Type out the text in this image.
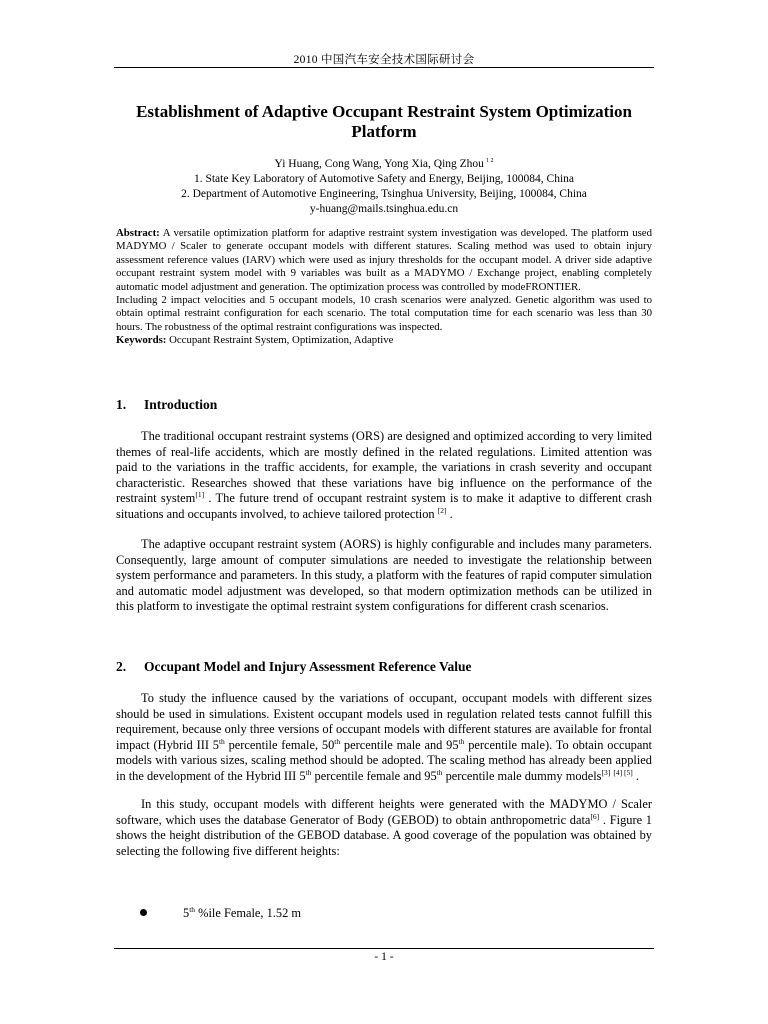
2010 中国汽车安全技术国际研讨会
Establishment of Adaptive Occupant Restraint System Optimization
Platform
Yi Huang, Cong Wang, Yong Xia, Qing Zhou $^{1 2}$
1. State Key Laboratory of Automotive Safety and Energy, Beijing, 100084, China
2. Department of Automotive Engineering, Tsinghua University, Beijing, 100084, China
y-huang@mails.tsinghua.edu.cn

Abstract: A versatile optimization platform for adaptive restraint system investigation was developed. The platform used MADYMO / Scaler to generate occupant models with different statures. Scaling method was used to obtain injury assessment reference values (IARV) which were used as injury thresholds for the occupant model. A driver side adaptive occupant restraint system model with 9 variables was built as a MADYMO / Exchange project, enabling completely automatic model adjustment and generation. The optimization process was controlled by modeFRONTIER.

Including 2 impact velocities and 5 occupant models, 10 crash scenarios were analyzed. Genetic algorithm was used to obtain optimal restraint configuration for each scenario. The total computation time for each scenario was less than 30 hours. The robustness of the optimal restraint configurations was inspected.

Keywords: Occupant Restraint System, Optimization, Adaptive

1. Introduction

The traditional occupant restraint systems (ORS) are designed and optimized according to very limited themes of real-life accidents, which are mostly defined in the related regulations. Limited attention was paid to the variations in the traffic accidents, for example, the variations in crash severity and occupant characteristic. Researches showed that these variations have big influence on the performance of the restraint system[1] . The future trend of occupant restraint system is to make it adaptive to different crash situations and occupants involved, to achieve tailored protection [2] .

The adaptive occupant restraint system (AORS) is highly configurable and includes many parameters. Consequently, large amount of computer simulations are needed to investigate the relationship between system performance and parameters. In this study, a platform with the features of rapid computer simulation and automatic model adjustment was developed, so that modern optimization methods can be utilized in this platform to investigate the optimal restraint system configurations for different crash scenarios.

2. Occupant Model and Injury Assessment Reference Value

To study the influence caused by the variations of occupant, occupant models with different sizes should be used in simulations. Existent occupant models used in regulation related tests cannot fulfill this requirement, because only three versions of occupant models with different statures are available for frontal impact (Hybrid III 5th percentile female, 50th percentile male and 95th percentile male). To obtain occupant models with various sizes, scaling method should be adopted. The scaling method has already been applied in the development of the Hybrid III 5th percentile female and 95th percentile male dummy models[3] [4] [5] .

In this study, occupant models with different heights were generated with the MADYMO / Scaler software, which uses the database Generator of Body (GEBOD) to obtain anthropometric data[6] . Figure 1 shows the height distribution of the GEBOD database. A good coverage of the population was obtained by selecting the following five different heights:

5th %ile Female, 1.52 m
- 1 -
